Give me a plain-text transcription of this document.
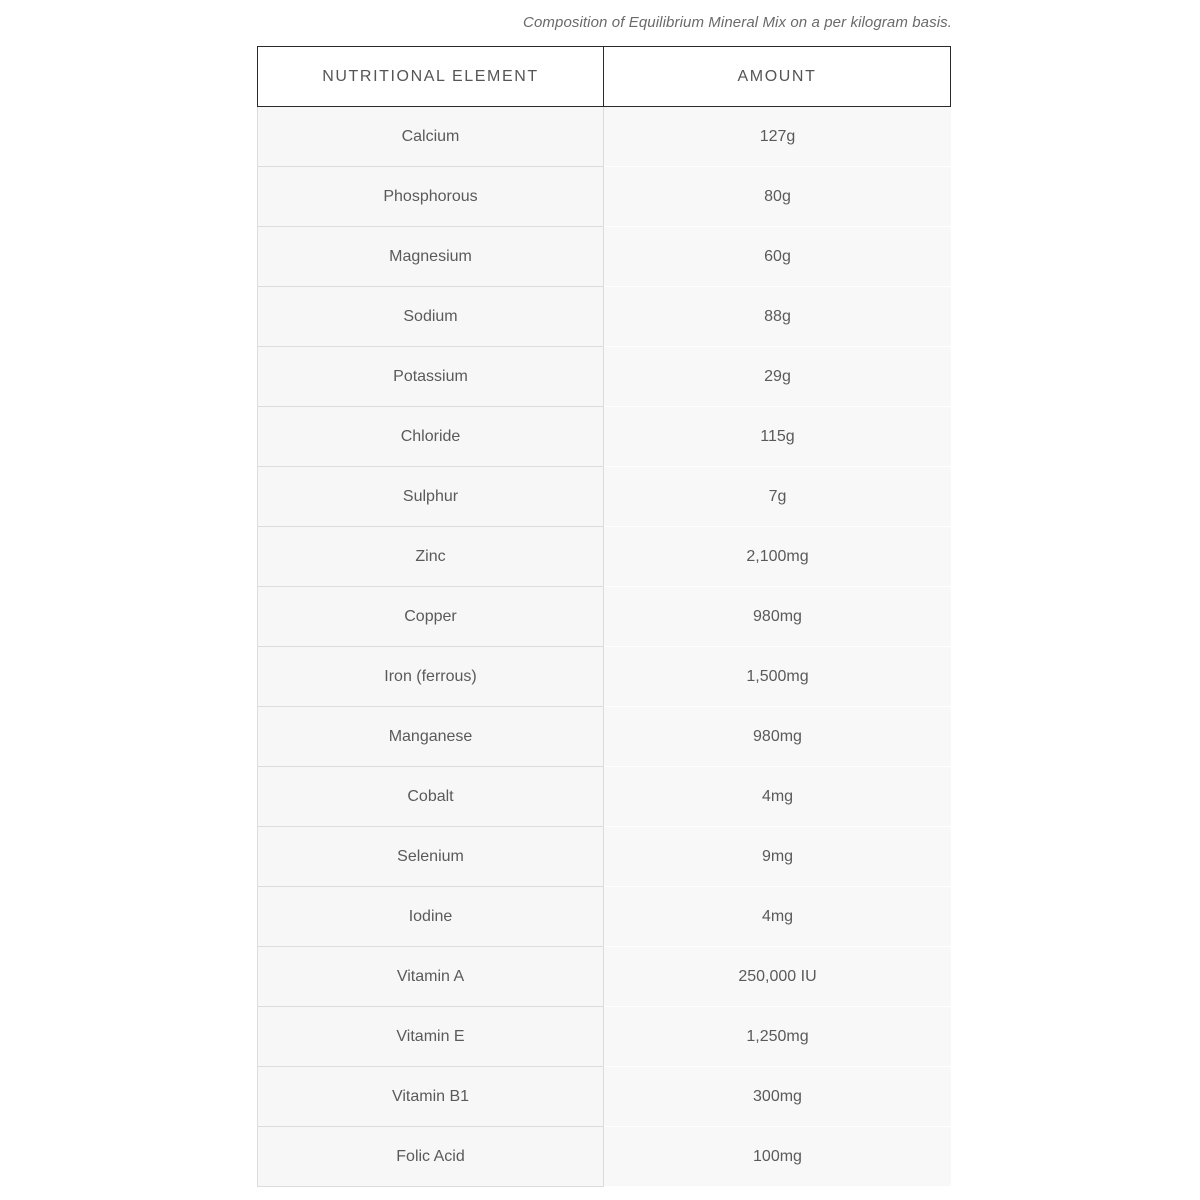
Composition of Equilibrium Mineral Mix on a per kilogram basis.
NUTRITIONAL ELEMENT	AMOUNT
Calcium	127g
Phosphorous	80g
Magnesium	60g
Sodium	88g
Potassium	29g
Chloride	115g
Sulphur	7g
Zinc	2,100mg
Copper	980mg
Iron (ferrous)	1,500mg
Manganese	980mg
Cobalt	4mg
Selenium	9mg
Iodine	4mg
Vitamin A	250,000 IU
Vitamin E	1,250mg
Vitamin B1	300mg
Folic Acid	100mg
